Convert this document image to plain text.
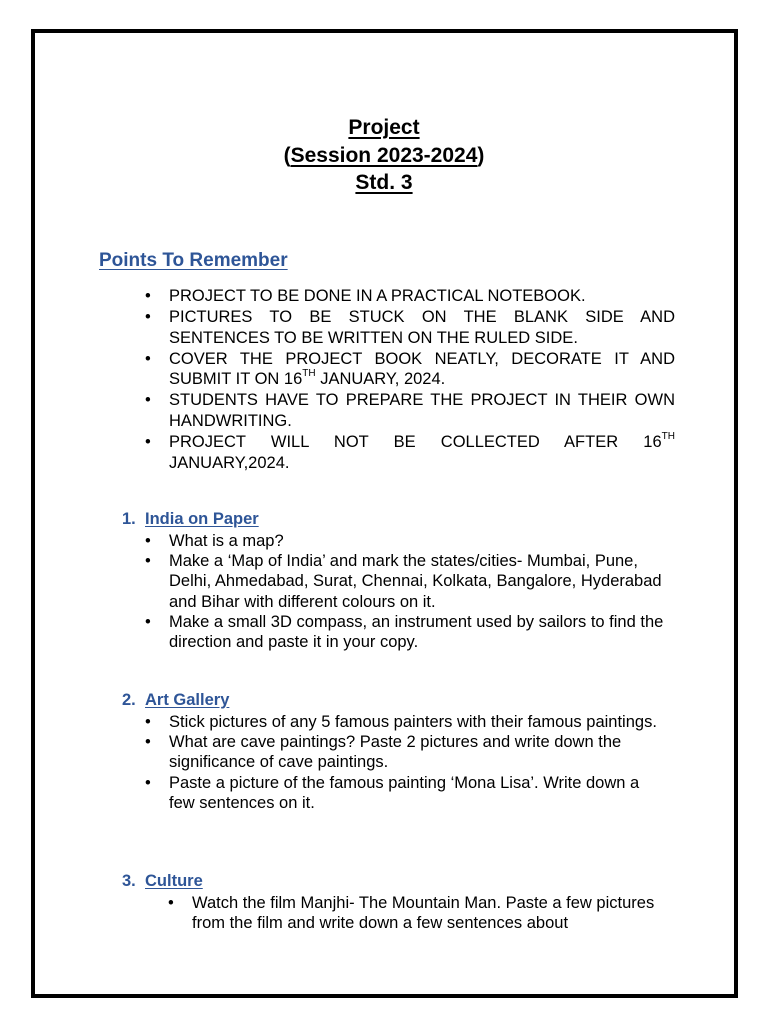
Project
(Session 2023-2024)
Std. 3
Points To Remember
• PROJECT TO BE DONE IN A PRACTICAL NOTEBOOK.
• PICTURES TO BE STUCK ON THE BLANK SIDE AND SENTENCES TO BE WRITTEN ON THE RULED SIDE.
• COVER THE PROJECT BOOK NEATLY, DECORATE IT AND SUBMIT IT ON 16TH JANUARY, 2024.
• STUDENTS HAVE TO PREPARE THE PROJECT IN THEIR OWN HANDWRITING.
• PROJECT WILL NOT BE COLLECTED AFTER 16TH
JANUARY,2024.
1. India on Paper
• What is a map?
• Make a ‘Map of India’ and mark the states/cities- Mumbai, Pune, Delhi, Ahmedabad, Surat, Chennai, Kolkata, Bangalore, Hyderabad and Bihar with different colours on it.
• Make a small 3D compass, an instrument used by sailors to find the direction and paste it in your copy.
2. Art Gallery
• Stick pictures of any 5 famous painters with their famous paintings.
• What are cave paintings? Paste 2 pictures and write down the significance of cave paintings.
• Paste a picture of the famous painting ‘Mona Lisa’. Write down a few sentences on it.
3. Culture
• Watch the film Manjhi- The Mountain Man. Paste a few pictures from the film and write down a few sentences about
